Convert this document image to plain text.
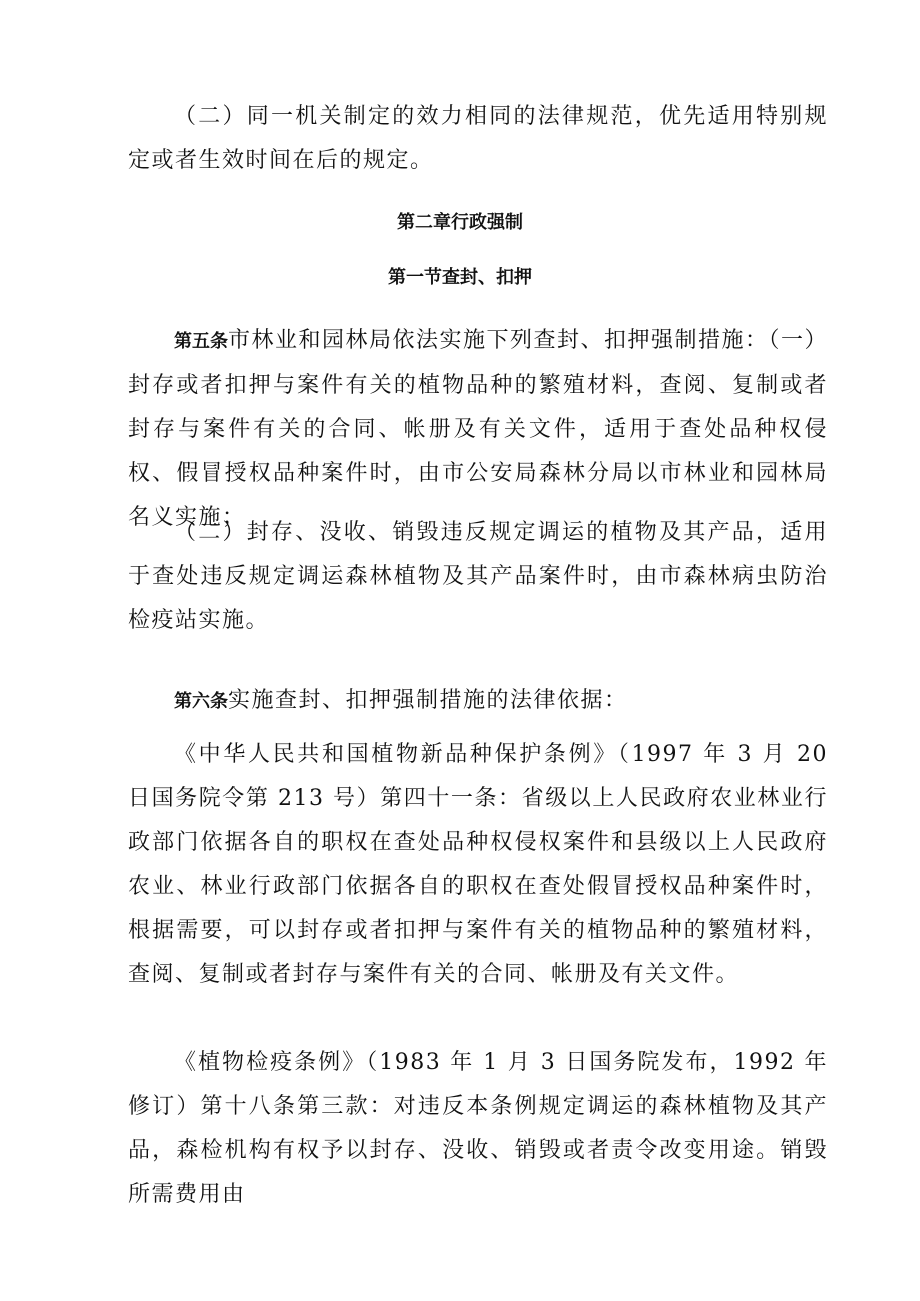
（二）同一机关制定的效力相同的法律规范，优先适用特别规定或者生效时间在后的规定。

第二章行政强制
第一节查封、扣押

第五条市林业和园林局依法实施下列查封、扣押强制措施：（一）封存或者扣押与案件有关的植物品种的繁殖材料，查阅、复制或者封存与案件有关的合同、帐册及有关文件，适用于查处品种权侵权、假冒授权品种案件时，由市公安局森林分局以市林业和园林局名义实施；

（二）封存、没收、销毁违反规定调运的植物及其产品，适用于查处违反规定调运森林植物及其产品案件时，由市森林病虫防治检疫站实施。

第六条实施查封、扣押强制措施的法律依据：

《中华人民共和国植物新品种保护条例》（1997 年 3 月 20 日国务院令第 213 号）第四十一条：省级以上人民政府农业林业行政部门依据各自的职权在查处品种权侵权案件和县级以上人民政府农业、林业行政部门依据各自的职权在查处假冒授权品种案件时，根据需要，可以封存或者扣押与案件有关的植物品种的繁殖材料，查阅、复制或者封存与案件有关的合同、帐册及有关文件。

《植物检疫条例》（1983 年 1 月 3 日国务院发布，1992 年修订）第十八条第三款：对违反本条例规定调运的森林植物及其产品，森检机构有权予以封存、没收、销毁或者责令改变用途。销毁所需费用由
